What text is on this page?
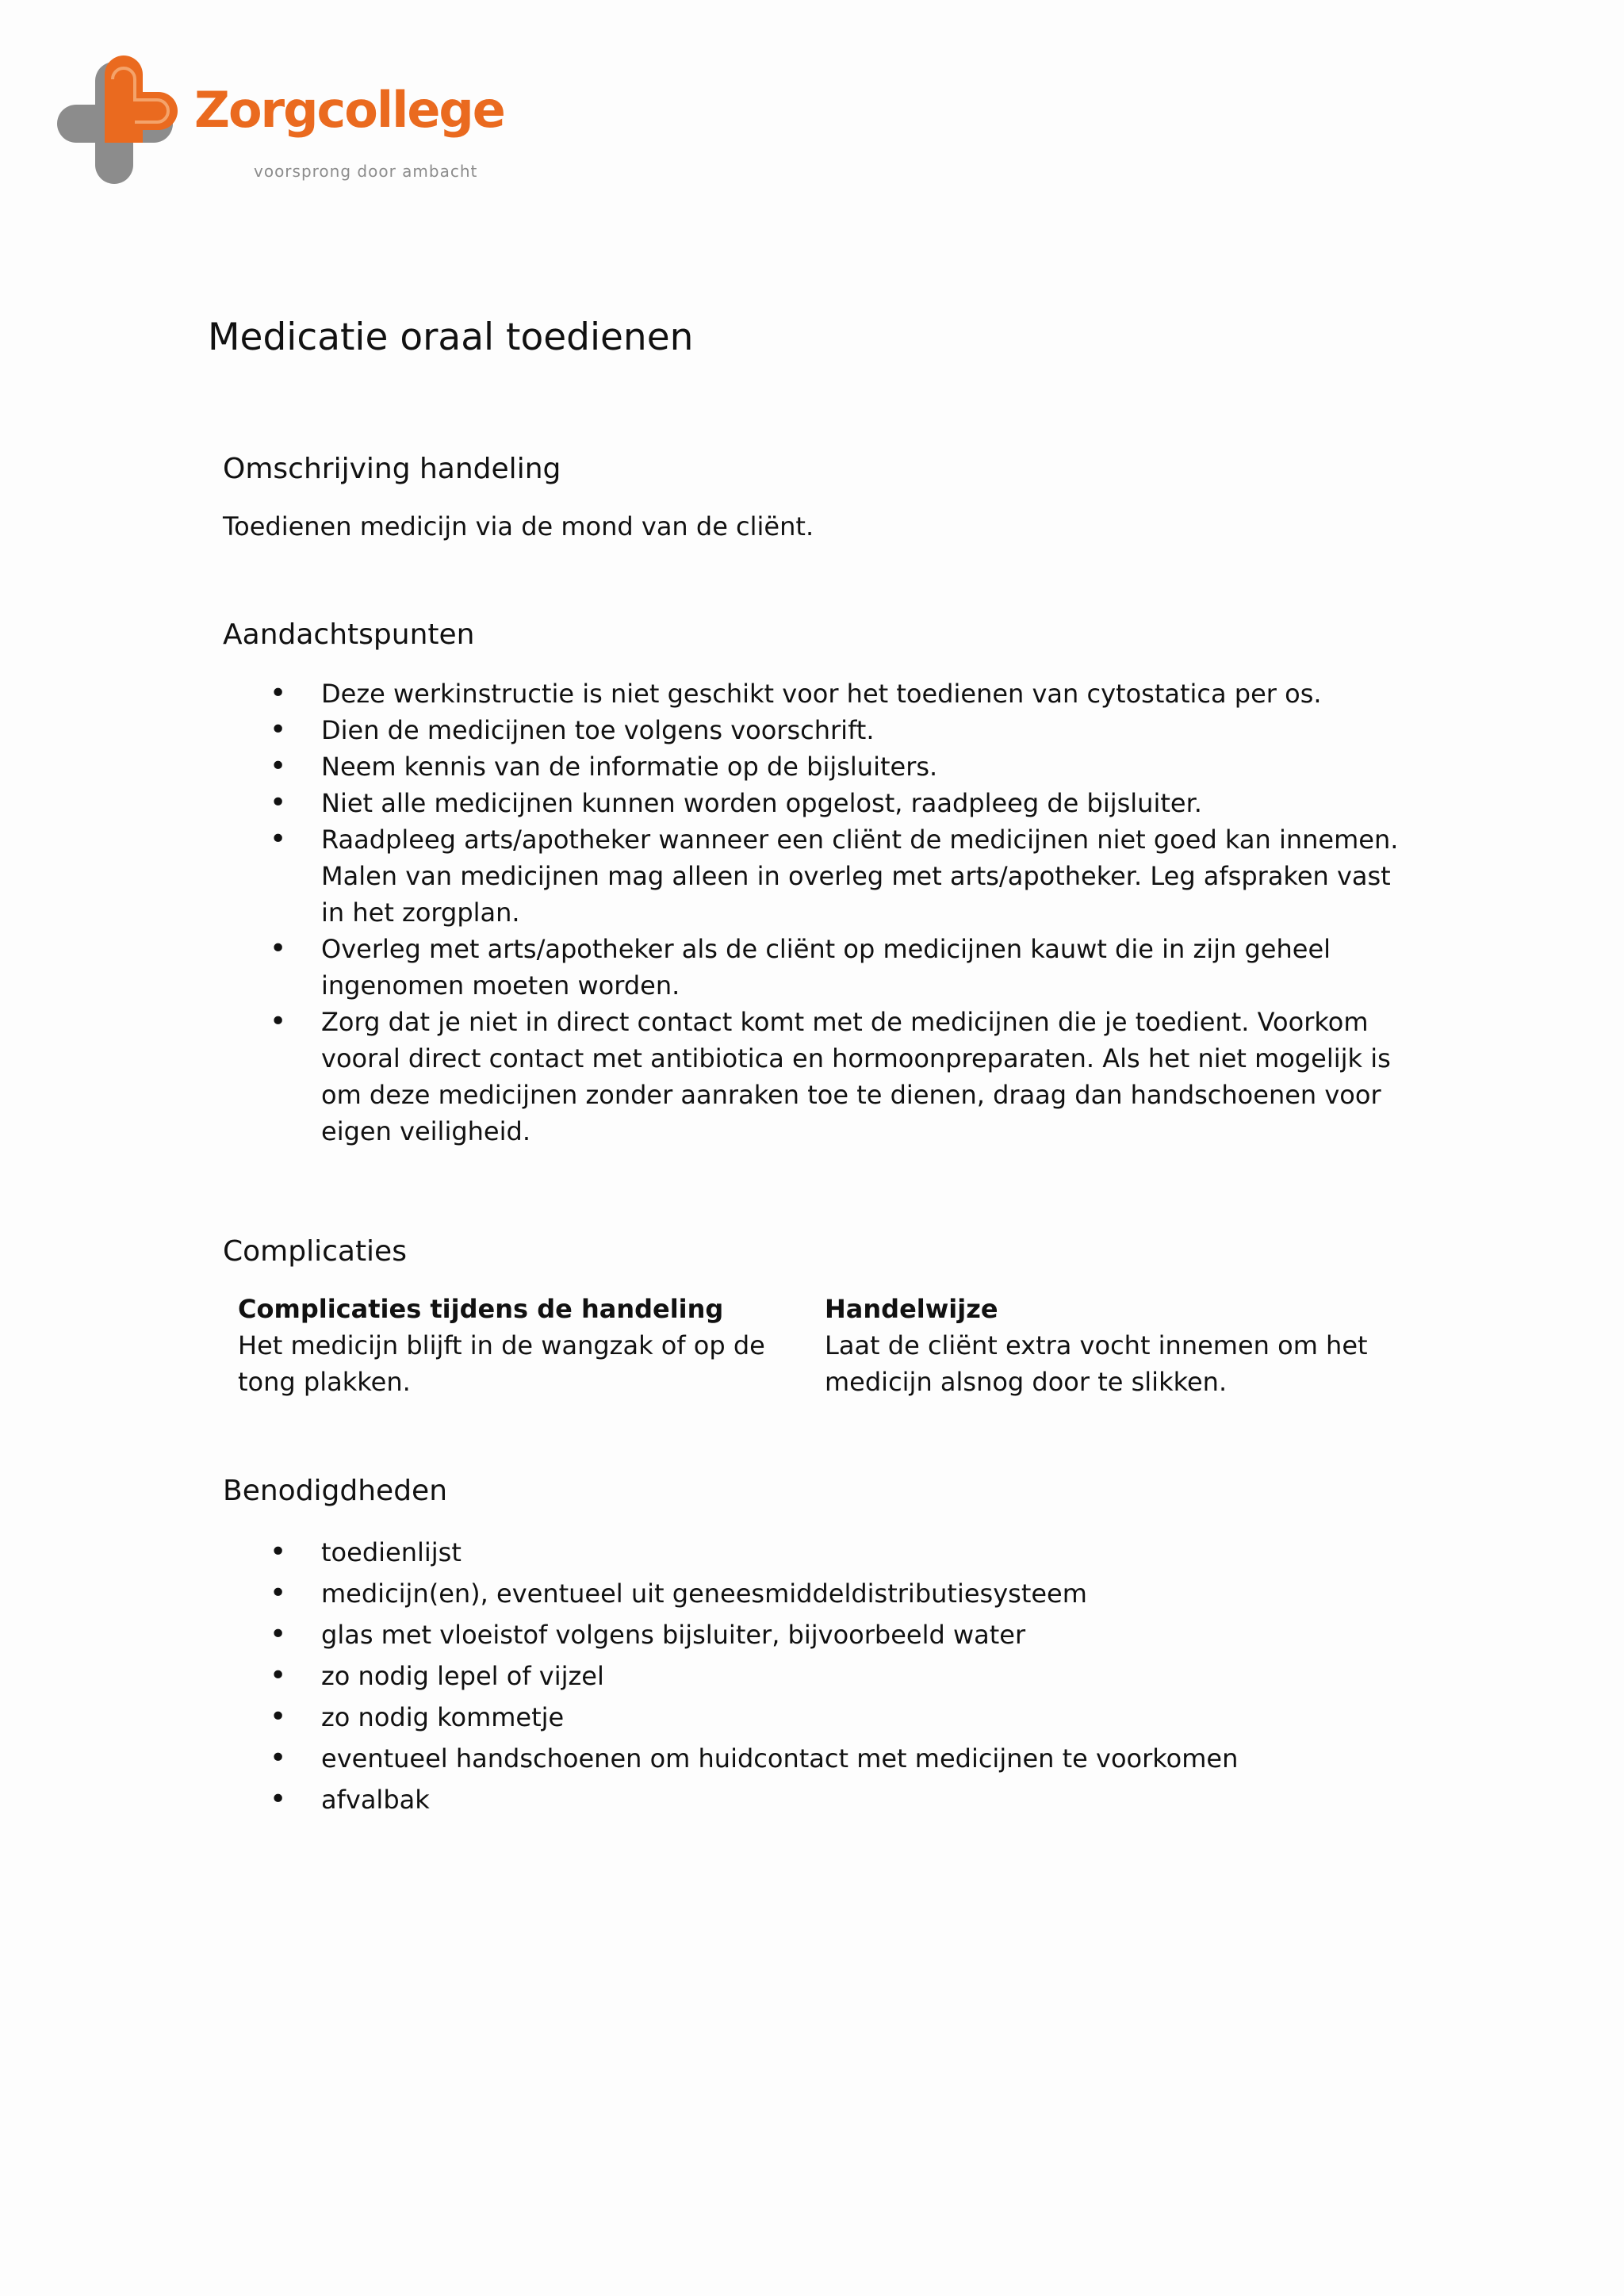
Zorgcollege
voorsprong door ambacht
Medicatie oraal toedienen
Omschrijving handeling

Toedienen medicijn via de mond van de cliënt.

Aandachtspunten
• Deze werkinstructie is niet geschikt voor het toedienen van cytostatica per os.
• Dien de medicijnen toe volgens voorschrift.
• Neem kennis van de informatie op de bijsluiters.
• Niet alle medicijnen kunnen worden opgelost, raadpleeg de bijsluiter.
• Raadpleeg arts/apotheker wanneer een cliënt de medicijnen niet goed kan innemen. Malen van medicijnen mag alleen in overleg met arts/apotheker. Leg afspraken vast in het zorgplan.
• Overleg met arts/apotheker als de cliënt op medicijnen kauwt die in zijn geheel ingenomen moeten worden.
• Zorg dat je niet in direct contact komt met de medicijnen die je toedient. Voorkom vooral direct contact met antibiotica en hormoonpreparaten. Als het niet mogelijk is om deze medicijnen zonder aanraken toe te dienen, draag dan handschoenen voor eigen veiligheid.
Complicaties
Complicaties tijdens de handeling
Het medicijn blijft in de wangzak of op de tong plakken.
Handelwijze
Laat de cliënt extra vocht innemen om het medicijn alsnog door te slikken.
Benodigdheden
• toedienlijst
• medicijn(en), eventueel uit geneesmiddeldistributiesysteem
• glas met vloeistof volgens bijsluiter, bijvoorbeeld water
• zo nodig lepel of vijzel
• zo nodig kommetje
• eventueel handschoenen om huidcontact met medicijnen te voorkomen
• afvalbak
